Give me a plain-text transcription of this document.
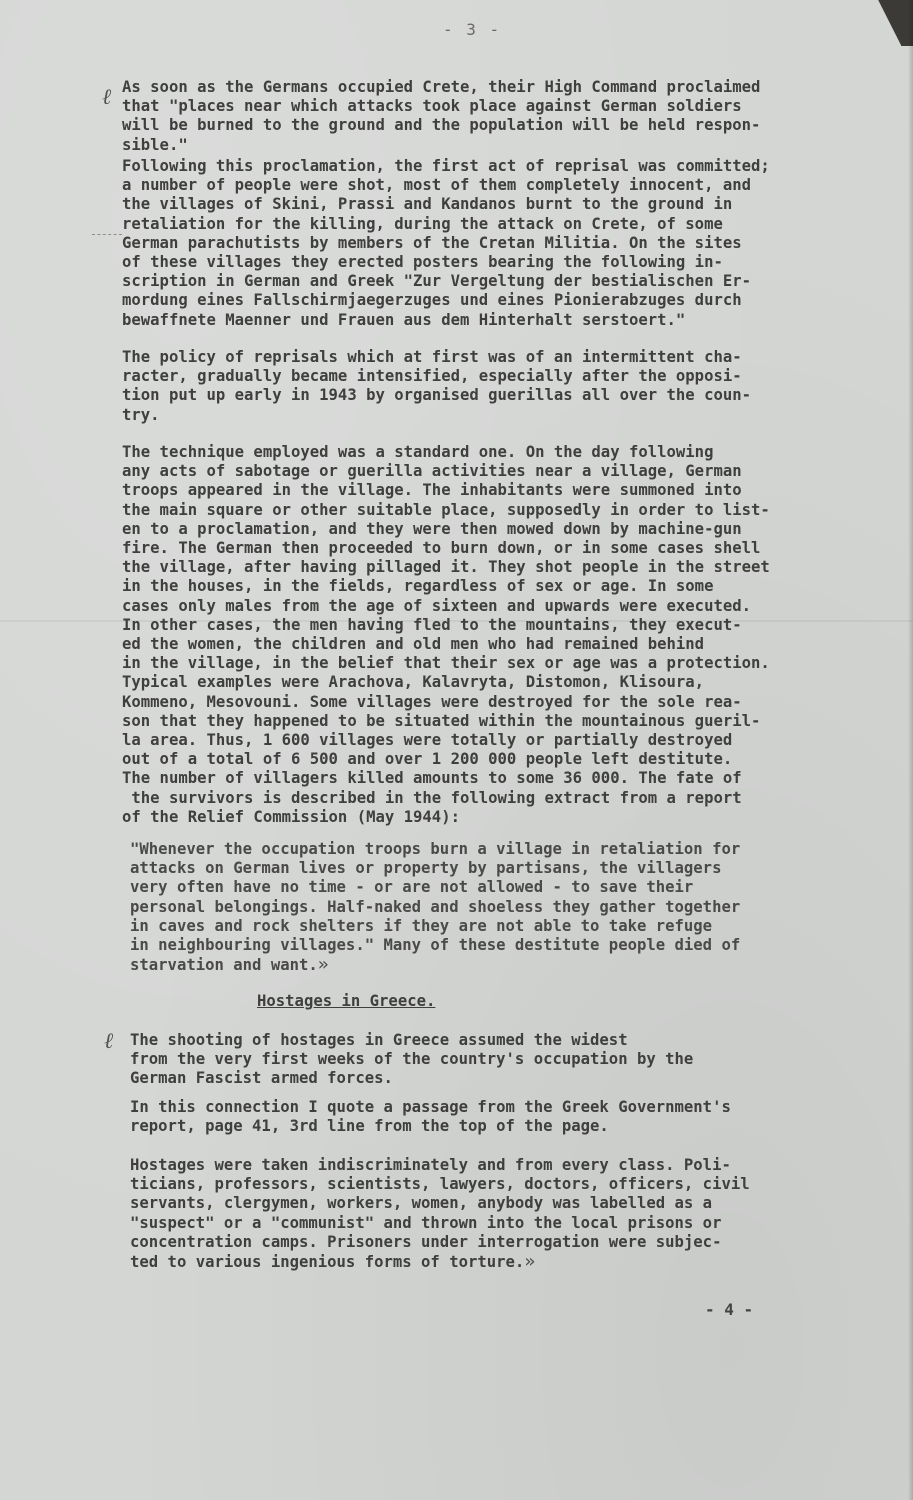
- 3 -
ℓ As soon as the Germans occupied Crete, their High Command proclaimed
that "places near which attacks took place against German soldiers
will be burned to the ground and the population will be held respon-
sible."

Following this proclamation, the first act of reprisal was committed;
a number of people were shot, most of them completely innocent, and
the villages of Skini, Prassi and Kandanos burnt to the ground in
retaliation for the killing, during the attack on Crete, of some
German parachutists by members of the Cretan Militia. On the sites
of these villages they erected posters bearing the following in-
scription in German and Greek "Zur Vergeltung der bestialischen Er-
mordung eines Fallschirmjaegerzuges und eines Pionierabzuges durch
bewaffnete Maenner und Frauen aus dem Hinterhalt serstoert."

The policy of reprisals which at first was of an intermittent cha-
racter, gradually became intensified, especially after the opposi-
tion put up early in 1943 by organised guerillas all over the coun-
try.

The technique employed was a standard one. On the day following
any acts of sabotage or guerilla activities near a village, German
troops appeared in the village. The inhabitants were summoned into
the main square or other suitable place, supposedly in order to list-
en to a proclamation, and they were then mowed down by machine-gun
fire. The German then proceeded to burn down, or in some cases shell
the village, after having pillaged it. They shot people in the street
in the houses, in the fields, regardless of sex or age. In some
cases only males from the age of sixteen and upwards were executed.
In other cases, the men having fled to the mountains, they execut-
ed the women, the children and old men who had remained behind
in the village, in the belief that their sex or age was a protection.
Typical examples were Arachova, Kalavryta, Distomon, Klisoura,
Kommeno, Mesovouni. Some villages were destroyed for the sole rea-
son that they happened to be situated within the mountainous gueril-
la area. Thus, 1 600 villages were totally or partially destroyed
out of a total of 6 500 and over 1 200 000 people left destitute.
The number of villagers killed amounts to some 36 000. The fate of
the survivors is described in the following extract from a report
of the Relief Commission (May 1944):

"Whenever the occupation troops burn a village in retaliation for
attacks on German lives or property by partisans, the villagers
very often have no time - or are not allowed - to save their
personal belongings. Half-naked and shoeless they gather together
in caves and rock shelters if they are not able to take refuge
in neighbouring villages." Many of these destitute people died of
starvation and want.»

Hostages in Greece.
ℓ The shooting of hostages in Greece assumed the widest
from the very first weeks of the country's occupation by the
German Fascist armed forces.

In this connection I quote a passage from the Greek Government's
report, page 41, 3rd line from the top of the page.

Hostages were taken indiscriminately and from every class. Poli-
ticians, professors, scientists, lawyers, doctors, officers, civil
servants, clergymen, workers, women, anybody was labelled as a
"suspect" or a "communist" and thrown into the local prisons or
concentration camps. Prisoners under interrogation were subjec-
ted to various ingenious forms of torture.»

- 4 -
